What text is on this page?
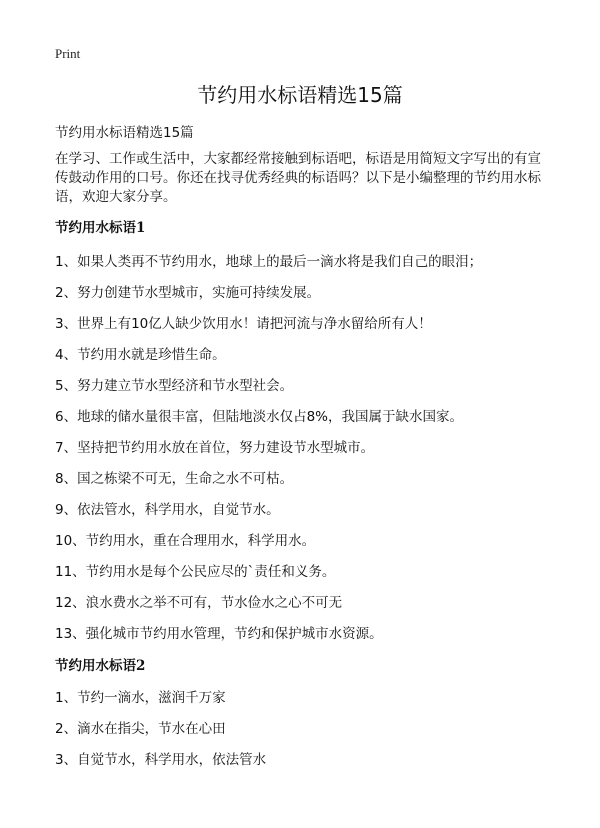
Print
节约用水标语精选15篇
节约用水标语精选15篇

在学习、工作或生活中，大家都经常接触到标语吧，标语是用简短文字写出的有宣传鼓动作用的口号。你还在找寻优秀经典的标语吗？以下是小编整理的节约用水标语，欢迎大家分享。

节约用水标语1
1、如果人类再不节约用水，地球上的最后一滴水将是我们自己的眼泪；
2、努力创建节水型城市，实施可持续发展。
3、世界上有10亿人缺少饮用水！请把河流与净水留给所有人！
4、节约用水就是珍惜生命。
5、努力建立节水型经济和节水型社会。
6、地球的储水量很丰富，但陆地淡水仅占8%，我国属于缺水国家。
7、坚持把节约用水放在首位，努力建设节水型城市。
8、国之栋梁不可无，生命之水不可枯。
9、依法管水，科学用水，自觉节水。
10、节约用水，重在合理用水，科学用水。
11、节约用水是每个公民应尽的`责任和义务。
12、浪水费水之举不可有，节水俭水之心不可无
13、强化城市节约用水管理，节约和保护城市水资源。
节约用水标语2
1、节约一滴水，滋润千万家
2、滴水在指尖，节水在心田
3、自觉节水，科学用水，依法管水
